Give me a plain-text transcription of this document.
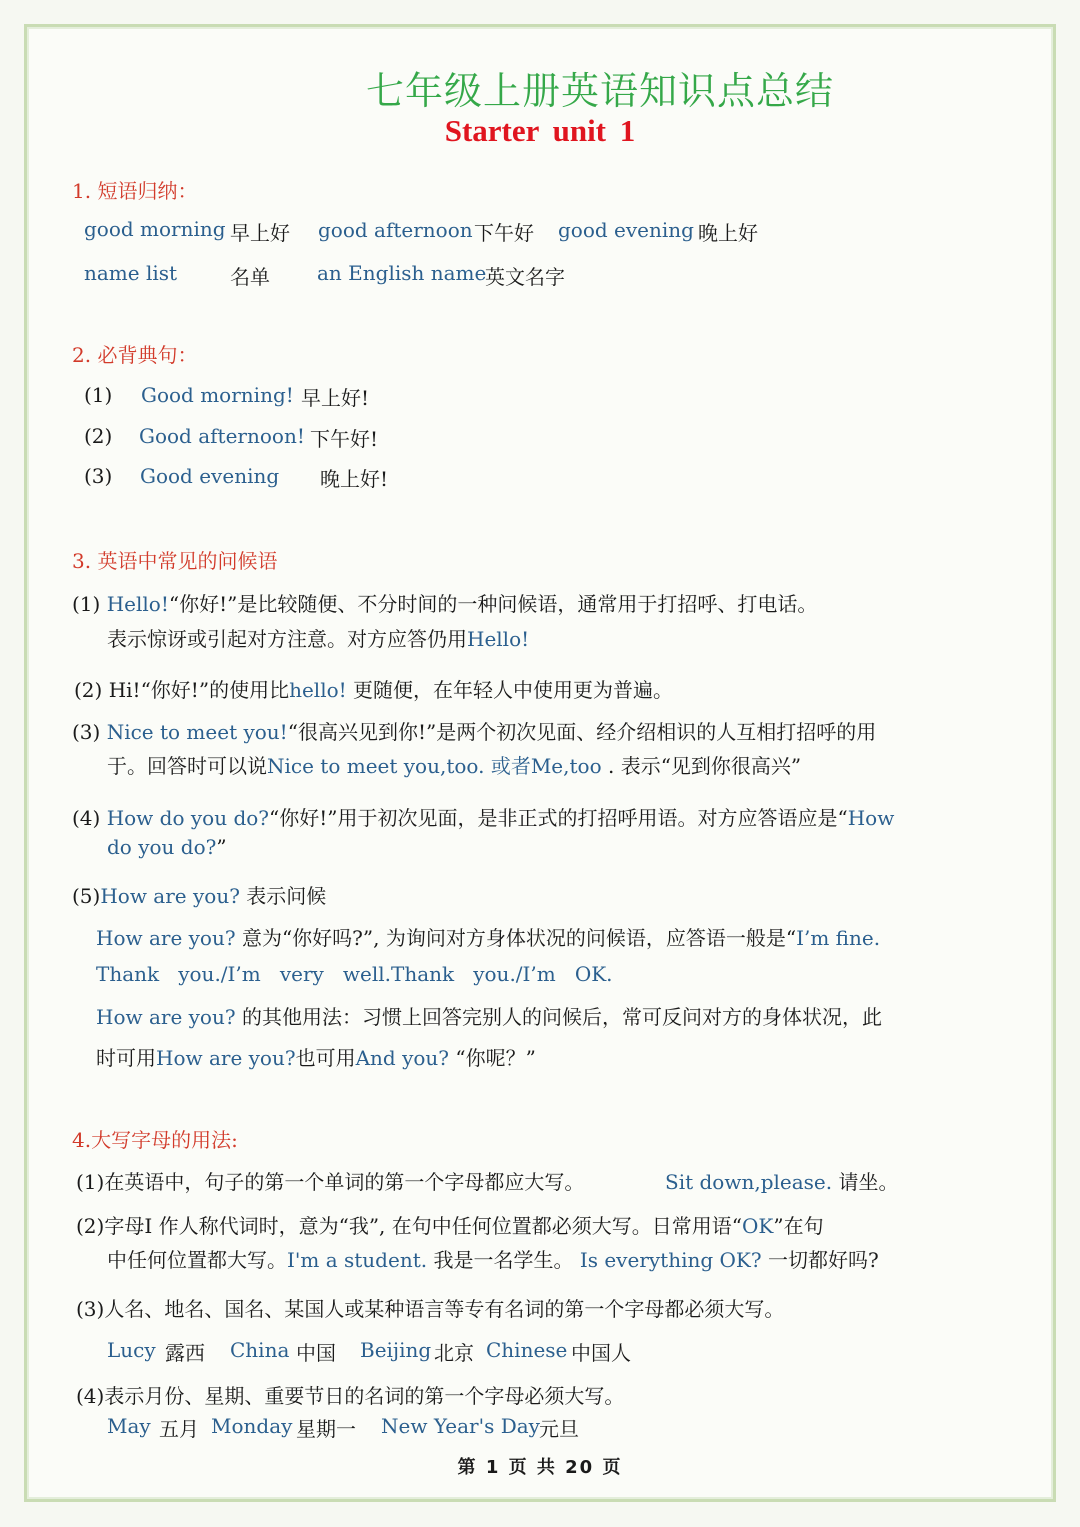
七年级上册英语知识点总结
Starter unit 1
1. 短语归纳：
good morning 早上好 good afternoon 下午好 good evening 晚上好
name list	名单 an English name
英文名字
2. 必背典句：
(1) Good morning! 早上好!
(2) Good afternoon! 下午好!
(3) Good evening 晚上好!
3. 英语中常见的问候语
(1) Hello!“你好!”是比较随便、不分时间的一种问候语，通常用于打招呼、打电话。
表示惊讶或引起对方注意。对方应答仍用Hello!
(2) Hi!“你好!”的使用比hello! 更随便，在年轻人中使用更为普遍。
(3) Nice to meet you!“很高兴见到你!”是两个初次见面、经介绍相识的人互相打招呼的用
于。回答时可以说Nice to meet you,too. 或者Me,too . 表示“见到你很高兴”
(4) How do you do?“你好!”用于初次见面，是非正式的打招呼用语。对方应答语应是“How
do you do?”
(5)How are you? 表示问候
How are you? 意为“你好吗?”, 为询问对方身体状况的问候语，应答语一般是“I’m fine.
Thank   you./I’m   very   well.Thank   you./I’m   OK.
How are you? 的其他用法：习惯上回答完别人的问候后，常可反问对方的身体状况，此
时可用How are you?也可用And you? “你呢？”
4.大写字母的用法:
(1)在英语中，句子的第一个单词的第一个字母都应大写。	Sit down,please. 请坐。
(2)字母I 作人称代词时，意为“我”, 在句中任何位置都必须大写。日常用语“OK”在句
中任何位置都大写。I'm a student. 我是一名学生。 Is everything OK? 一切都好吗?
(3)人名、地名、国名、某国人或某种语言等专有名词的第一个字母都必须大写。
Lucy 露西 China 中国 Beijing 北京 Chinese 中国人
(4)表示月份、星期、重要节日的名词的第一个字母必须大写。
May 五月 Monday 星期一 New Year's Day 元旦
第 1 页 共 20 页
